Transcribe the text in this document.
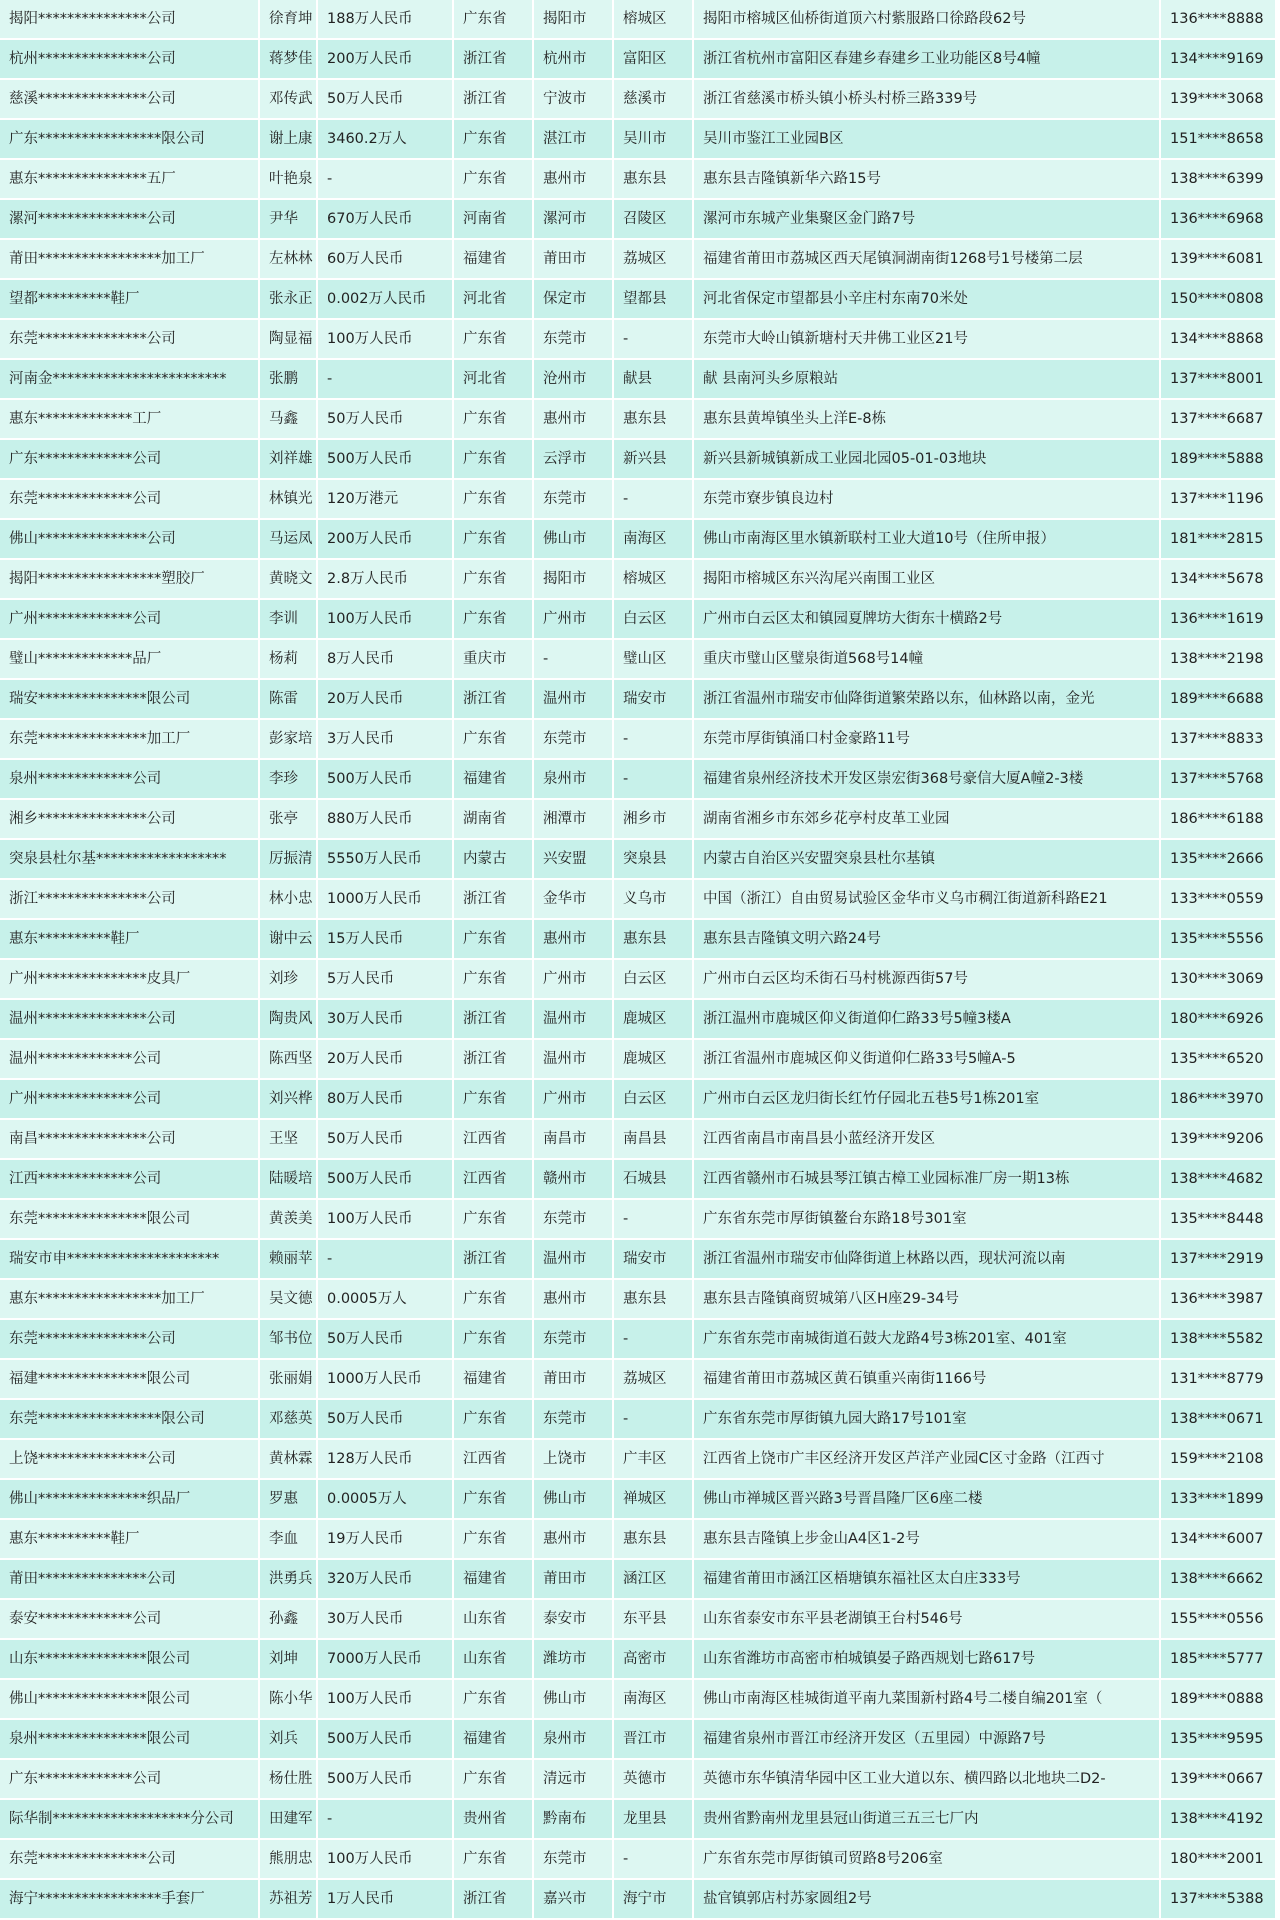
揭阳***************公司	徐育坤	188万人民币	广东省	揭阳市	榕城区	揭阳市榕城区仙桥街道顶六村紫服路口徐路段62号	136****8888
杭州***************公司	蒋梦佳	200万人民币	浙江省	杭州市	富阳区	浙江省杭州市富阳区春建乡春建乡工业功能区8号4幢	134****9169
慈溪***************公司	邓传武	50万人民币	浙江省	宁波市	慈溪市	浙江省慈溪市桥头镇小桥头村桥三路339号	139****3068
广东*****************限公司	谢上康	3460.2万人	广东省	湛江市	吴川市	吴川市鉴江工业园B区	151****8658
惠东***************五厂	叶艳泉	-	广东省	惠州市	惠东县	惠东县吉隆镇新华六路15号	138****6399
漯河***************公司	尹华	670万人民币	河南省	漯河市	召陵区	漯河市东城产业集聚区金门路7号	136****6968
莆田*****************加工厂	左林林	60万人民币	福建省	莆田市	荔城区	福建省莆田市荔城区西天尾镇洞湖南街1268号1号楼第二层	139****6081
望都**********鞋厂	张永正	0.002万人民币	河北省	保定市	望都县	河北省保定市望都县小辛庄村东南70米处	150****0808
东莞***************公司	陶显福	100万人民币	广东省	东莞市	-	东莞市大岭山镇新塘村天井佛工业区21号	134****8868
河南金************************	张鹏	-	河北省	沧州市	献县	献 县南河头乡原粮站	137****8001
惠东*************工厂	马鑫	50万人民币	广东省	惠州市	惠东县	惠东县黄埠镇坐头上洋E-8栋	137****6687
广东*************公司	刘祥雄	500万人民币	广东省	云浮市	新兴县	新兴县新城镇新成工业园北园05-01-03地块	189****5888
东莞*************公司	林镇光	120万港元	广东省	东莞市	-	东莞市寮步镇良边村	137****1196
佛山***************公司	马运凤	200万人民币	广东省	佛山市	南海区	佛山市南海区里水镇新联村工业大道10号（住所申报）	181****2815
揭阳*****************塑胶厂	黄晓文	2.8万人民币	广东省	揭阳市	榕城区	揭阳市榕城区东兴沟尾兴南围工业区	134****5678
广州*************公司	李训	100万人民币	广东省	广州市	白云区	广州市白云区太和镇园夏牌坊大街东十横路2号	136****1619
璧山*************品厂	杨莉	8万人民币	重庆市	-	璧山区	重庆市璧山区璧泉街道568号14幢	138****2198
瑞安***************限公司	陈雷	20万人民币	浙江省	温州市	瑞安市	浙江省温州市瑞安市仙降街道繁荣路以东，仙林路以南，金光	189****6688
东莞***************加工厂	彭家培	3万人民币	广东省	东莞市	-	东莞市厚街镇涌口村金豪路11号	137****8833
泉州*************公司	李珍	500万人民币	福建省	泉州市	-	福建省泉州经济技术开发区崇宏街368号豪信大厦A幢2-3楼	137****5768
湘乡***************公司	张亭	880万人民币	湖南省	湘潭市	湘乡市	湖南省湘乡市东郊乡花亭村皮革工业园	186****6188
突泉县杜尔基******************	厉振清	5550万人民币	内蒙古	兴安盟	突泉县	内蒙古自治区兴安盟突泉县杜尔基镇	135****2666
浙江***************公司	林小忠	1000万人民币	浙江省	金华市	义乌市	中国（浙江）自由贸易试验区金华市义乌市稠江街道新科路E21	133****0559
惠东**********鞋厂	谢中云	15万人民币	广东省	惠州市	惠东县	惠东县吉隆镇文明六路24号	135****5556
广州***************皮具厂	刘珍	5万人民币	广东省	广州市	白云区	广州市白云区均禾街石马村桃源西街57号	130****3069
温州***************公司	陶贵风	30万人民币	浙江省	温州市	鹿城区	浙江温州市鹿城区仰义街道仰仁路33号5幢3楼A	180****6926
温州*************公司	陈西坚	20万人民币	浙江省	温州市	鹿城区	浙江省温州市鹿城区仰义街道仰仁路33号5幢A-5	135****6520
广州*************公司	刘兴桦	80万人民币	广东省	广州市	白云区	广州市白云区龙归街长红竹仔园北五巷5号1栋201室	186****3970
南昌***************公司	王坚	50万人民币	江西省	南昌市	南昌县	江西省南昌市南昌县小蓝经济开发区	139****9206
江西*************公司	陆暖培	500万人民币	江西省	赣州市	石城县	江西省赣州市石城县琴江镇古樟工业园标准厂房一期13栋	138****4682
东莞***************限公司	黄羡美	100万人民币	广东省	东莞市	-	广东省东莞市厚街镇鳌台东路18号301室	135****8448
瑞安市申*********************	赖丽苹	-	浙江省	温州市	瑞安市	浙江省温州市瑞安市仙降街道上林路以西，现状河流以南	137****2919
惠东*****************加工厂	吴文德	0.0005万人	广东省	惠州市	惠东县	惠东县吉隆镇商贸城第八区H座29-34号	136****3987
东莞***************公司	邹书位	50万人民币	广东省	东莞市	-	广东省东莞市南城街道石鼓大龙路4号3栋201室、401室	138****5582
福建***************限公司	张丽娟	1000万人民币	福建省	莆田市	荔城区	福建省莆田市荔城区黄石镇重兴南街1166号	131****8779
东莞*****************限公司	邓慈英	50万人民币	广东省	东莞市	-	广东省东莞市厚街镇九园大路17号101室	138****0671
上饶***************公司	黄林霖	128万人民币	江西省	上饶市	广丰区	江西省上饶市广丰区经济开发区芦洋产业园C区寸金路（江西寸	159****2108
佛山***************织品厂	罗惠	0.0005万人	广东省	佛山市	禅城区	佛山市禅城区晋兴路3号晋昌隆厂区6座二楼	133****1899
惠东**********鞋厂	李血	19万人民币	广东省	惠州市	惠东县	惠东县吉隆镇上步金山A4区1-2号	134****6007
莆田***************公司	洪勇兵	320万人民币	福建省	莆田市	涵江区	福建省莆田市涵江区梧塘镇东福社区太白庄333号	138****6662
泰安*************公司	孙鑫	30万人民币	山东省	泰安市	东平县	山东省泰安市东平县老湖镇王台村546号	155****0556
山东***************限公司	刘坤	7000万人民币	山东省	潍坊市	高密市	山东省潍坊市高密市柏城镇晏子路西规划七路617号	185****5777
佛山***************限公司	陈小华	100万人民币	广东省	佛山市	南海区	佛山市南海区桂城街道平南九菜围新村路4号二楼自编201室（	189****0888
泉州***************限公司	刘兵	500万人民币	福建省	泉州市	晋江市	福建省泉州市晋江市经济开发区（五里园）中源路7号	135****9595
广东*************公司	杨仕胜	500万人民币	广东省	清远市	英德市	英德市东华镇清华园中区工业大道以东、横四路以北地块二D2-	139****0667
际华制*******************分公司	田建军	-	贵州省	黔南布	龙里县	贵州省黔南州龙里县冠山街道三五三七厂内	138****4192
东莞***************公司	熊朋忠	100万人民币	广东省	东莞市	-	广东省东莞市厚街镇司贸路8号206室	180****2001
海宁*****************手套厂	苏祖芳	1万人民币	浙江省	嘉兴市	海宁市	盐官镇郭店村苏家圆组2号	137****5388
